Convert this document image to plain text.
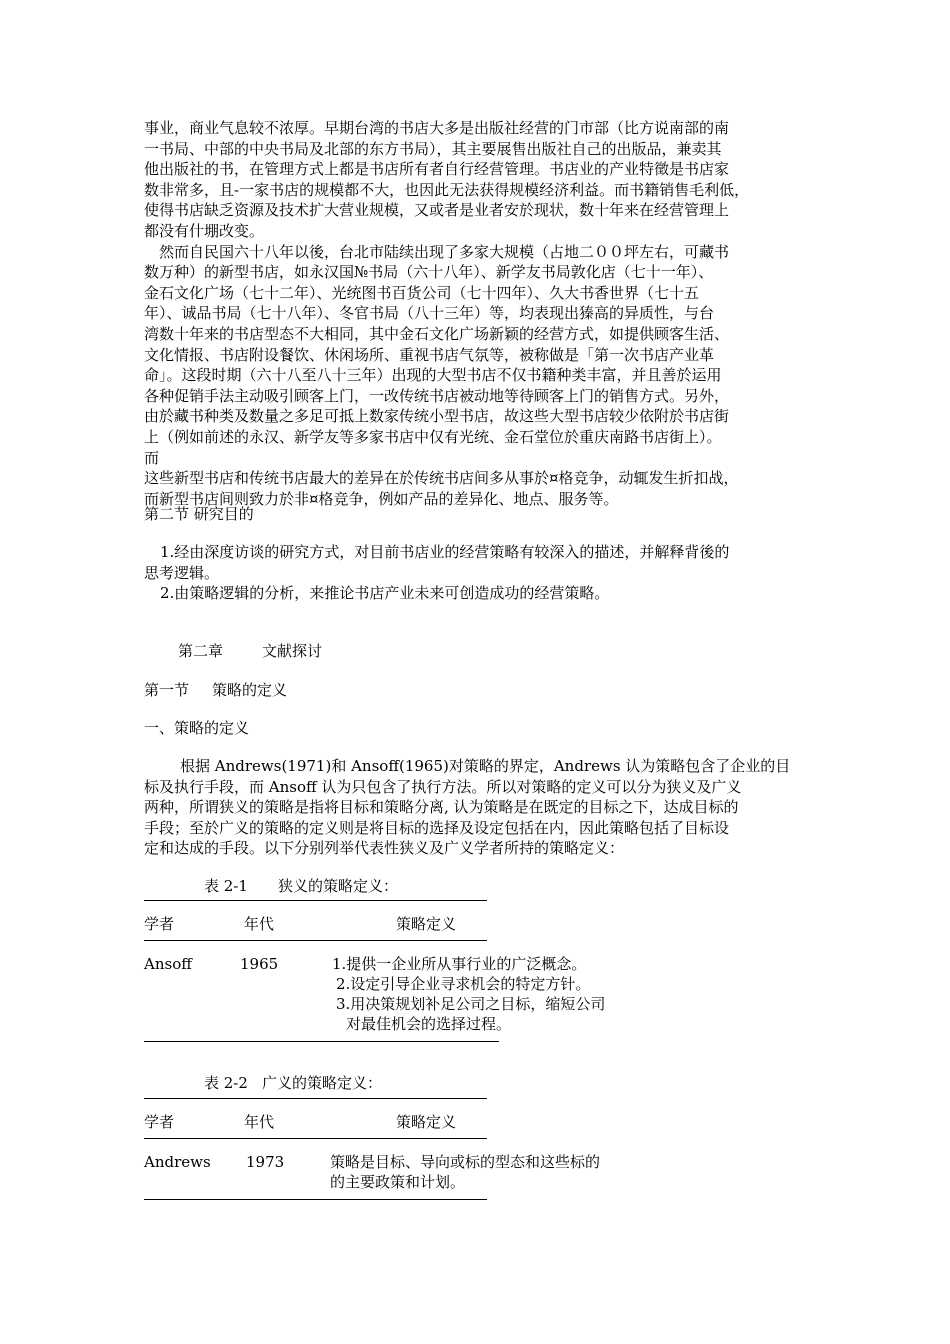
事业，商业气息较不浓厚。早期台湾的书店大多是出版社经营的门市部（比方说南部的南
一书局、中部的中央书局及北部的东方书局），其主要展售出版社自己的出版品，兼卖其
他出版社的书，在管理方式上都是书店所有者自行经营管理。书店业的产业特徵是书店家
数非常多，且-一家书店的规模都不大，也因此无法获得规模经济利益。而书籍销售毛利低，
使得书店缺乏资源及技术扩大营业规模，又或者是业者安於现状，数十年来在经营管理上
都没有什堋改变。
　然而自民国六十八年以後，台北市陆续出现了多家大规模（占地二００坪左右，可藏书
数万种）的新型书店，如永汉国№书局（六十八年）、新学友书局敦化店（七十一年）、
金石文化广场（七十二年）、光统图书百货公司（七十四年）、久大书香世界（七十五
年）、诚品书局（七十八年）、冬官书局（八十三年）等，均表现出獉高的异质性，与台
湾数十年来的书店型态不大相同，其中金石文化广场新颖的经营方式，如提供顾客生活、
文化情报、书店附设餐饮、休闲场所、重视书店气氛等，被称做是「第一次书店产业革
命」。这段时期（六十八至八十三年）出现的大型书店不仅书籍种类丰富，并且善於运用
各种促销手法主动吸引顾客上门，一改传统书店被动地等待顾客上门的销售方式。另外，
由於藏书种类及数量之多足可抵上数家传统小型书店，故这些大型书店较少依附於书店街
上（例如前述的永汉、新学友等多家书店中仅有光统、金石堂位於重庆南路书店街上）。
而
这些新型书店和传统书店最大的差异在於传统书店间多从事於¤格竞争，动辄发生折扣战，
而新型书店间则致力於非¤格竞争，例如产品的差异化、地点、服务等。
第二节 研究目的
1.经由深度访谈的研究方式，对目前书店业的经营策略有较深入的描述，并解释背後的
思考逻辑。
2.由策略逻辑的分析，来推论书店产业未来可创造成功的经营策略。
第二章	文献探讨
第一节 策略的定义
一、策略的定义
根据 Andrews(1971)和 Ansoff(1965)对策略的界定，Andrews 认为策略包含了企业的目
标及执行手段，而 Ansoff 认为只包含了执行方法。所以对策略的定义可以分为狭义及广义
两种，所谓狭义的策略是指将目标和策略分离, 认为策略是在既定的目标之下，达成目标的
手段；至於广义的策略的定义则是将目标的选择及设定包括在内，因此策略包括了目标设
定和达成的手段。以下分别列举代表性狭义及广义学者所持的策略定义：
表 2-1 狭义的策略定义：
学者	年代	策略定义
Ansoff	1965	1.提供一企业所从事行业的广泛概念。
2.设定引导企业寻求机会的特定方针。
3.用决策规划补足公司之目标，缩短公司
对最佳机会的选择过程。
表 2-2 广义的策略定义：
学者	年代	策略定义
Andrews 1973	策略是目标、导向或标的型态和这些标的
的主要政策和计划。
